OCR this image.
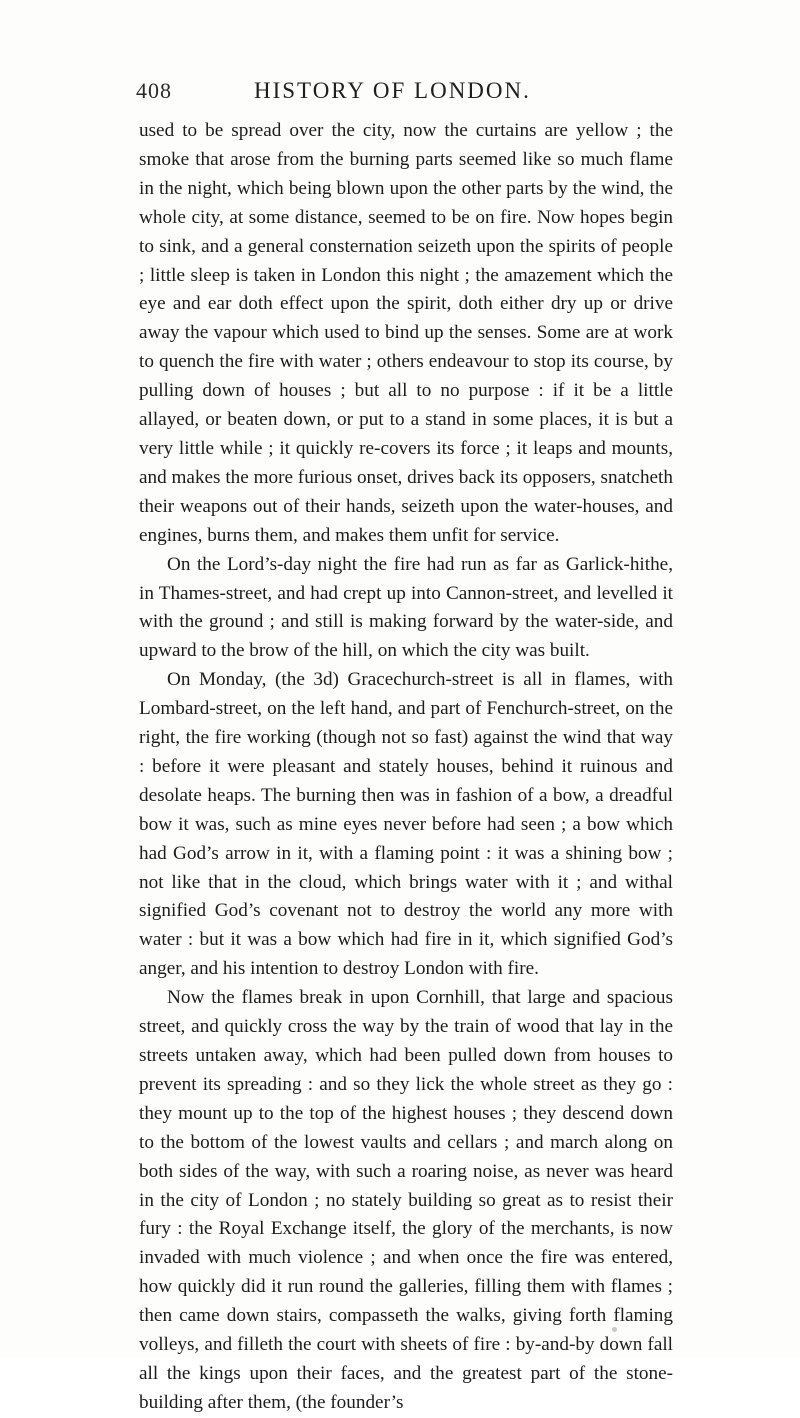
408	HISTORY OF LONDON.

used to be spread over the city, now the curtains are yellow ; the smoke that arose from the burning parts seemed like so much flame in the night, which being blown upon the other parts by the wind, the whole city, at some distance, seemed to be on fire. Now hopes begin to sink, and a general consternation seizeth upon the spirits of people ; little sleep is taken in London this night ; the amazement which the eye and ear doth effect upon the spirit, doth either dry up or drive away the vapour which used to bind up the senses. Some are at work to quench the fire with water ; others endeavour to stop its course, by pulling down of houses ; but all to no purpose : if it be a little allayed, or beaten down, or put to a stand in some places, it is but a very little while ; it quickly re-covers its force ; it leaps and mounts, and makes the more furious onset, drives back its opposers, snatcheth their weapons out of their hands, seizeth upon the water-houses, and engines, burns them, and makes them unfit for service.

On the Lord’s-day night the fire had run as far as Garlick-hithe, in Thames-street, and had crept up into Cannon-street, and levelled it with the ground ; and still is making forward by the water-side, and upward to the brow of the hill, on which the city was built.

On Monday, (the 3d) Gracechurch-street is all in flames, with Lombard-street, on the left hand, and part of Fenchurch-street, on the right, the fire working (though not so fast) against the wind that way : before it were pleasant and stately houses, behind it ruinous and desolate heaps. The burning then was in fashion of a bow, a dreadful bow it was, such as mine eyes never before had seen ; a bow which had God’s arrow in it, with a flaming point : it was a shining bow ; not like that in the cloud, which brings water with it ; and withal signified God’s covenant not to destroy the world any more with water : but it was a bow which had fire in it, which signified God’s anger, and his intention to destroy London with fire.

Now the flames break in upon Cornhill, that large and spacious street, and quickly cross the way by the train of wood that lay in the streets untaken away, which had been pulled down from houses to prevent its spreading : and so they lick the whole street as they go : they mount up to the top of the highest houses ; they descend down to the bottom of the lowest vaults and cellars ; and march along on both sides of the way, with such a roaring noise, as never was heard in the city of London ; no stately building so great as to resist their fury : the Royal Exchange itself, the glory of the merchants, is now invaded with much violence ; and when once the fire was entered, how quickly did it run round the galleries, filling them with flames ; then came down stairs, compasseth the walks, giving forth flaming volleys, and filleth the court with sheets of fire : by-and-by down fall all the kings upon their faces, and the greatest part of the stone-building after them, (the founder’s
